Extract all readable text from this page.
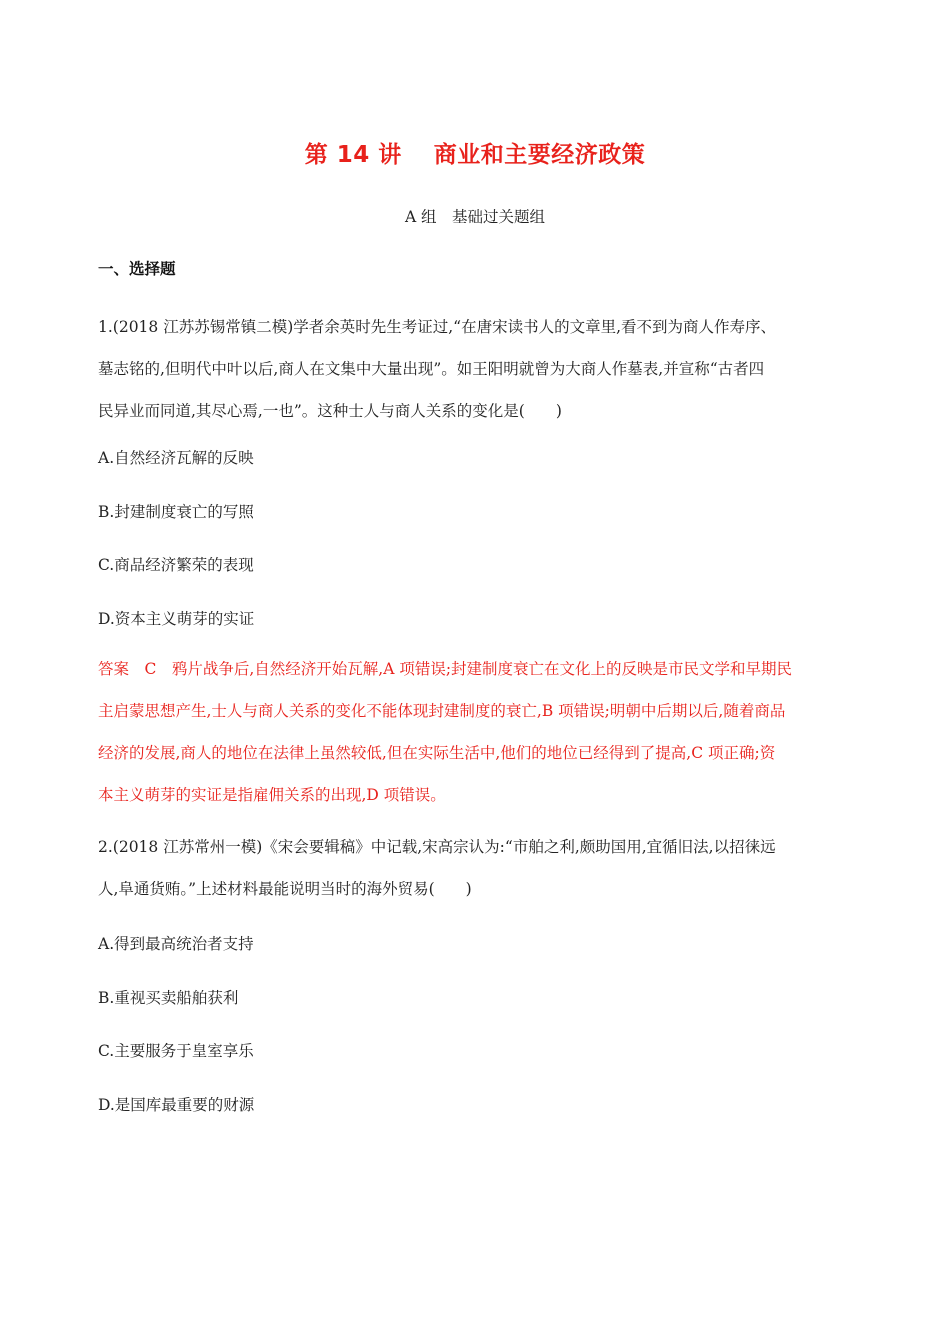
第 14 讲　 商业和主要经济政策
A 组　基础过关题组
一、选择题
1.(2018 江苏苏锡常镇二模)学者余英时先生考证过,“在唐宋读书人的文章里,看不到为商人作寿序、
墓志铭的,但明代中叶以后,商人在文集中大量出现”。如王阳明就曾为大商人作墓表,并宣称“古者四
民异业而同道,其尽心焉,一也”。这种士人与商人关系的变化是(　　)
A.自然经济瓦解的反映
B.封建制度衰亡的写照
C.商品经济繁荣的表现
D.资本主义萌芽的实证
答案　C　鸦片战争后,自然经济开始瓦解,A 项错误;封建制度衰亡在文化上的反映是市民文学和早期民
主启蒙思想产生,士人与商人关系的变化不能体现封建制度的衰亡,B 项错误;明朝中后期以后,随着商品
经济的发展,商人的地位在法律上虽然较低,但在实际生活中,他们的地位已经得到了提高,C 项正确;资
本主义萌芽的实证是指雇佣关系的出现,D 项错误。
2.(2018 江苏常州一模)《宋会要辑稿》中记载,宋高宗认为:“市舶之利,颇助国用,宜循旧法,以招徕远
人,阜通货贿。”上述材料最能说明当时的海外贸易(　　)
A.得到最高统治者支持
B.重视买卖船舶获利
C.主要服务于皇室享乐
D.是国库最重要的财源
